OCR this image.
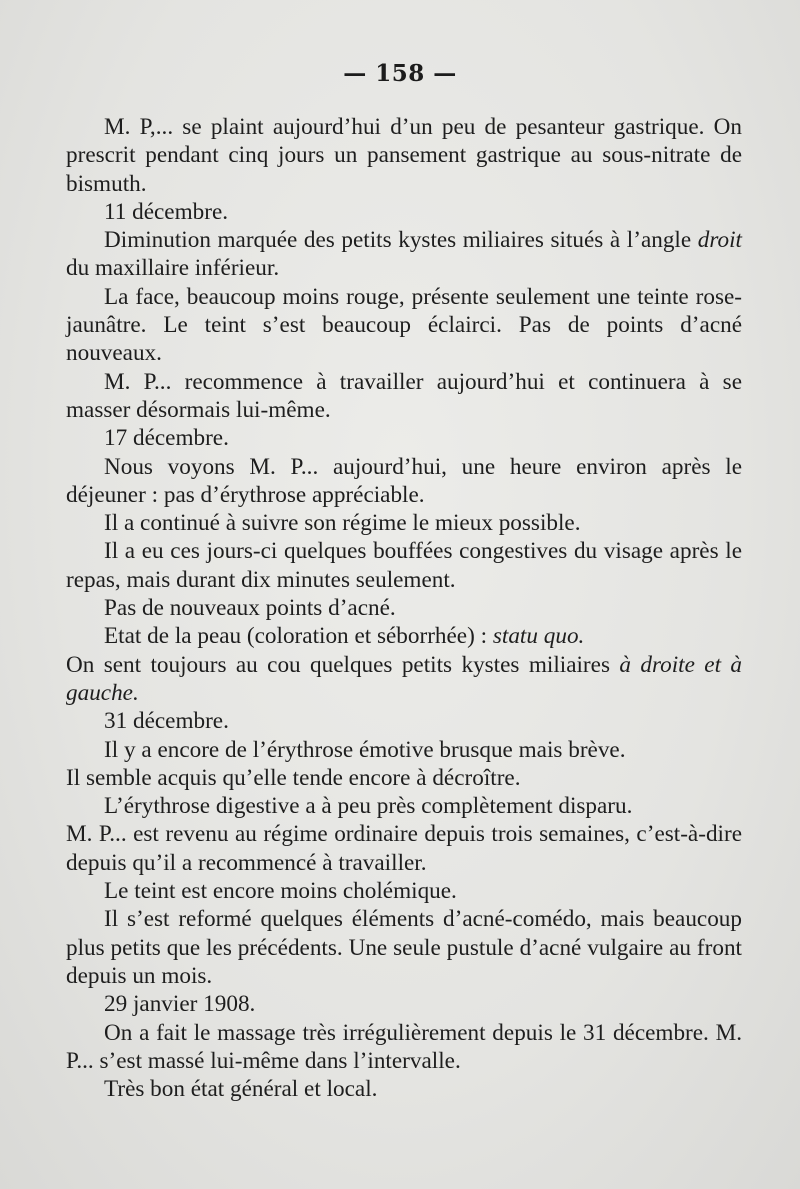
— 158 —

M. P,... se plaint aujourd’hui d’un peu de pesanteur gastrique. On prescrit pendant cinq jours un pansement gastrique au sous-nitrate de bismuth.

11 décembre.

Diminution marquée des petits kystes miliaires situés à l’angle droit du maxillaire inférieur.

La face, beaucoup moins rouge, présente seulement une teinte rose-jaunâtre. Le teint s’est beaucoup éclairci. Pas de points d’acné nouveaux.

M. P... recommence à travailler aujourd’hui et continuera à se masser désormais lui-même.

17 décembre.

Nous voyons M. P... aujourd’hui, une heure environ après le déjeuner : pas d’érythrose appréciable.

Il a continué à suivre son régime le mieux possible.

Il a eu ces jours-ci quelques bouffées congestives du visage après le repas, mais durant dix minutes seulement.

Pas de nouveaux points d’acné.

Etat de la peau (coloration et séborrhée) : statu quo.

On sent toujours au cou quelques petits kystes miliaires à droite et à gauche.

31 décembre.

Il y a encore de l’érythrose émotive brusque mais brève.

Il semble acquis qu’elle tende encore à décroître.

L’érythrose digestive a à peu près complètement disparu.

M. P... est revenu au régime ordinaire depuis trois semaines, c’est-à-dire depuis qu’il a recommencé à travailler.

Le teint est encore moins cholémique.

Il s’est reformé quelques éléments d’acné-comédo, mais beaucoup plus petits que les précédents. Une seule pustule d’acné vulgaire au front depuis un mois.

29 janvier 1908.

On a fait le massage très irrégulièrement depuis le 31 décembre. M. P... s’est massé lui-même dans l’intervalle.

Très bon état général et local.
